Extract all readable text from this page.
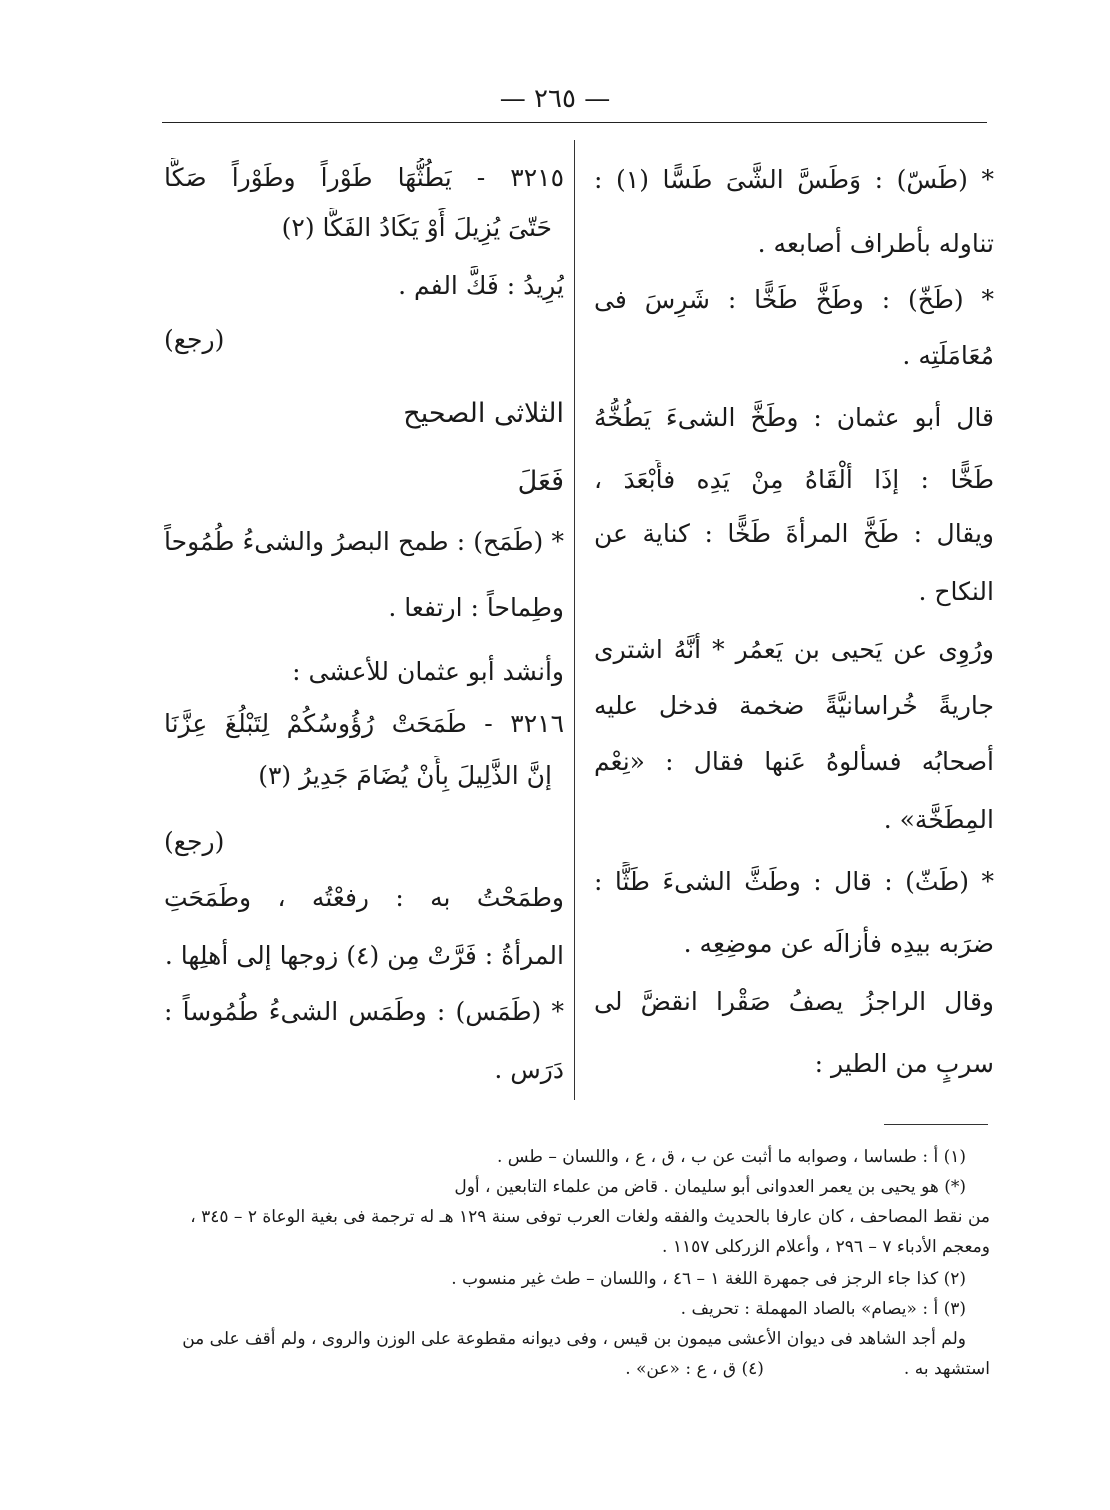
— ٢٦٥ —
* (طَسّ) : وَطَسَّ الشَّىَ طَسًّا (١) :
تناوله بأطراف أصابعه .
* (طَخّ) : وطَخَّ طَخًّا : شَرِسَ فى
مُعَامَلَتِه .
قال أبو عثمان : وطَخَّ الشىءَ يَطُخُّهُ
طَخًّا : إذَا ألْقَاهُ مِنْ يَدِه فأَبْعَدَ ،
ويقال : طَخَّ المرأةَ طَخًّا : كناية عن
النكاح .
ورُوِى عن يَحيى بن يَعمُر * أنَّهُ اشترى
جاريةً خُراسانيَّةً ضخمة فدخل عليه
أصحابُه فسألوهُ عَنها فقال : «نِعْم
المِطَخَّة» .
* (طَثّ) : قال : وطَثَّ الشىءَ طَثًّا :
ضرَبه بيدِه فأزالَه عن موضِعِه .
وقال الراجزُ يصفُ صَقْرا انقضَّ لى
سربٍ من الطير :
٣٢١٥ - يَطُثُّهَا طَوْراً وطَوْراً صَكًّا
حَتّىَ يُزِيلَ أَوْ يَكَادُ الفَكَّا (٢)
يُرِيدُ : فَكَّ الفم .
(رجع)
الثلاثى الصحيح
فَعَلَ
* (طَمَح) : طمح البصرُ والشىءُ طُمُوحاً
وطِماحاً : ارتفعا .
وأنشد أبو عثمان للأعشى :
٣٢١٦ - طَمَحَتْ رُؤُوسُكُمْ لِتَبْلُغَ عِزَّنَا
إنَّ الذَّلِيلَ بِأَنْ يُضَامَ جَدِيرُ (٣)
(رجع)
وطمَحْتُ به : رفعْتُه ، وطَمَحَتِ
المرأةُ : فَرَّتْ مِن (٤) زوجها إلى أهلِها .
* (طَمَس) : وطَمَس الشىءُ طُمُوساً :
دَرَس .
(١) أ : طساسا ، وصوابه ما أثبت عن ب ، ق ، ع ، واللسان – طس .
(*) هو يحيى بن يعمر العدوانى أبو سليمان . قاض من علماء التابعين ، أول
من نقط المصاحف ، كان عارفا بالحديث والفقه ولغات العرب توفى سنة ١٢٩ هـ له ترجمة فى بغية الوعاة ٢ – ٣٤٥ ،
ومعجم الأدباء ٧ – ٢٩٦ ، وأعلام الزركلى ١١٥٧ .
(٢) كذا جاء الرجز فى جمهرة اللغة ١ – ٤٦ ، واللسان – طث غير منسوب .
(٣) أ : «يصام» بالصاد المهملة : تحريف .
ولم أجد الشاهد فى ديوان الأعشى ميمون بن قيس ، وفى ديوانه مقطوعة على الوزن والروى ، ولم أقف على من
استشهد به .(٤) ق ، ع : «عن» .
